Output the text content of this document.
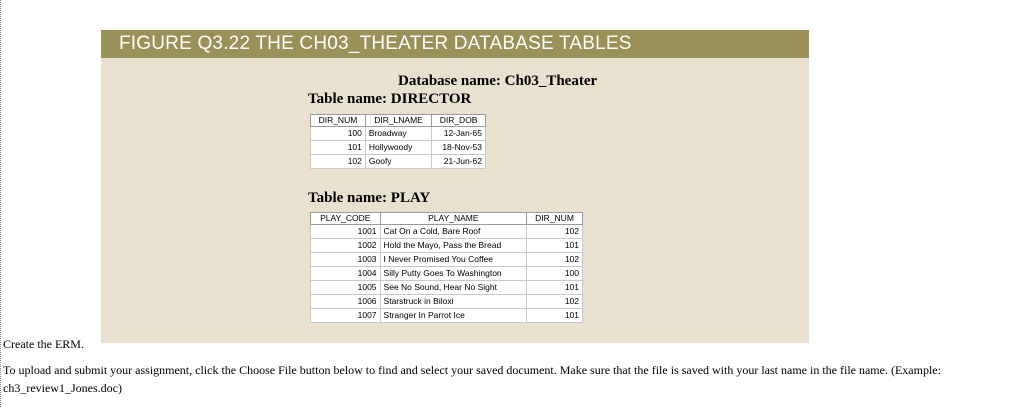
FIGURE Q3.22 THE CH03_THEATER DATABASE TABLES
Database name: Ch03_Theater
Table name: DIRECTOR
DIR_NUM	DIR_LNAME	DIR_DOB
100	Broadway	12-Jan-65
101	Hollywoody	18-Nov-53
102	Goofy	21-Jun-62
Table name: PLAY
PLAY_CODE	PLAY_NAME	DIR_NUM
1001	Cat On a Cold, Bare Roof	102
1002	Hold the Mayo, Pass the Bread	101
1003	I Never Promised You Coffee	102
1004	Silly Putty Goes To Washington	100
1005	See No Sound, Hear No Sight	101
1006	Starstruck in Biloxi	102
1007	Stranger In Parrot Ice	101
Create the ERM.
To upload and submit your assignment, click the Choose File button below to find and select your saved document. Make sure that the file is saved with your last name in the file name. (Example: ch3_review1_Jones.doc)
